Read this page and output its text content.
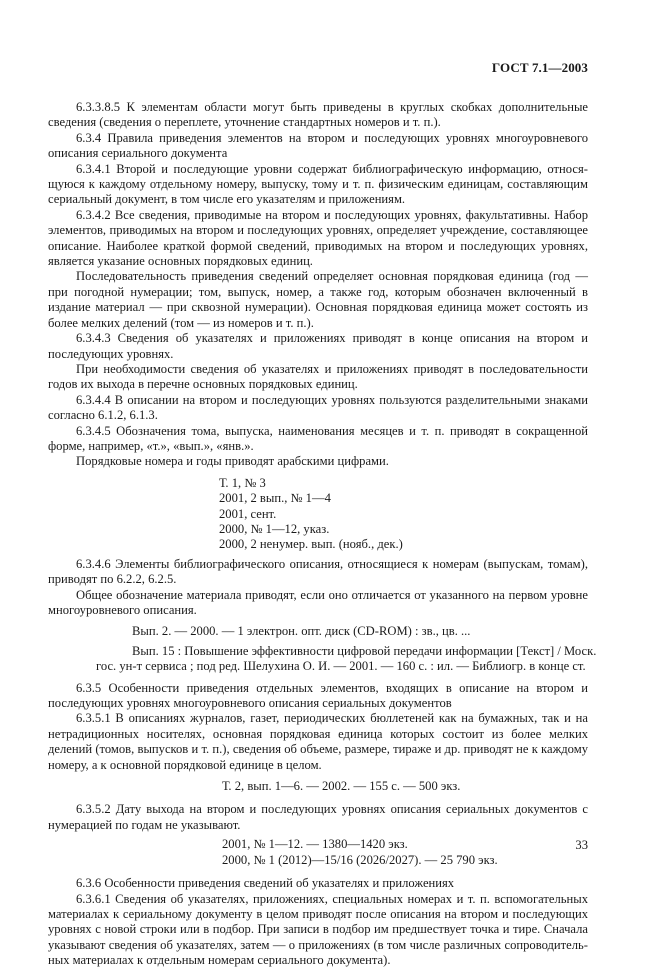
ГОСТ 7.1—2003

6.3.3.8.5 К элементам области могут быть приведены в круглых скобках дополнительные сведения (сведения о переплете, уточнение стандартных номеров и т. п.).

6.3.4 Правила приведения элементов на втором и последующих уровнях многоуровневого описания сериального документа

6.3.4.1 Второй и последующие уровни содержат библиографическую информацию, относящуюся к каждому отдельному номеру, выпуску, тому и т. п. физическим единицам, составляющим сериальный документ, в том числе его указателям и приложениям.

6.3.4.2 Все сведения, приводимые на втором и последующих уровнях, факультативны. Набор элементов, приводимых на втором и последующих уровнях, определяет учреждение, составляющее описание. Наиболее краткой формой сведений, приводимых на втором и последующих уровнях, является указание основных порядковых единиц.

Последовательность приведения сведений определяет основная порядковая единица (год — при погодной нумерации; том, выпуск, номер, а также год, которым обозначен включенный в издание материал — при сквозной нумерации). Основная порядковая единица может состоять из более мелких делений (том — из номеров и т. п.).

6.3.4.3 Сведения об указателях и приложениях приводят в конце описания на втором и последующих уровнях.

При необходимости сведения об указателях и приложениях приводят в последовательности годов их выхода в перечне основных порядковых единиц.

6.3.4.4 В описании на втором и последующих уровнях пользуются разделительными знаками согласно 6.1.2, 6.1.3.

6.3.4.5 Обозначения тома, выпуска, наименования месяцев и т. п. приводят в сокращенной форме, например, «т.», «вып.», «янв.».

Порядковые номера и годы приводят арабскими цифрами.

Т. 1, № 3
2001, 2 вып., № 1—4
2001, сент.
2000, № 1—12, указ.
2000, 2 ненумер. вып. (нояб., дек.)

6.3.4.6 Элементы библиографического описания, относящиеся к номерам (выпускам, томам), приводят по 6.2.2, 6.2.5.

Общее обозначение материала приводят, если оно отличается от указанного на первом уровне многоуровневого описания.

Вып. 2. — 2000. — 1 электрон. опт. диск (CD-ROM) : зв., цв. ...
Вып. 15 : Повышение эффективности цифровой передачи информации [Текст] / Моск.
гос. ун-т сервиса ; под ред. Шелухина О. И. — 2001. — 160 с. : ил. — Библиогр. в конце ст.

6.3.5 Особенности приведения отдельных элементов, входящих в описание на втором и последующих уровнях многоуровневого описания сериальных документов

6.3.5.1 В описаниях журналов, газет, периодических бюллетеней как на бумажных, так и на нетрадиционных носителях, основная порядковая единица которых состоит из более мелких делений (томов, выпусков и т. п.), сведения об объеме, размере, тираже и др. приводят не к каждому номеру, а к основной порядковой единице в целом.

Т. 2, вып. 1—6. — 2002. — 155 с. — 500 экз.

6.3.5.2 Дату выхода на втором и последующих уровнях описания сериальных документов с нумерацией по годам не указывают.

2001, № 1—12. — 1380—1420 экз.
2000, № 1 (2012)—15/16 (2026/2027). — 25 790 экз.

6.3.6 Особенности приведения сведений об указателях и приложениях

6.3.6.1 Сведения об указателях, приложениях, специальных номерах и т. п. вспомогательных материалах к сериальному документу в целом приводят после описания на втором и последующих уровнях с новой строки или в подбор. При записи в подбор им предшествует точка и тире. Сначала указывают сведения об указателях, затем — о приложениях (в том числе различных сопроводительных материалах к отдельным номерам сериального документа).

33
